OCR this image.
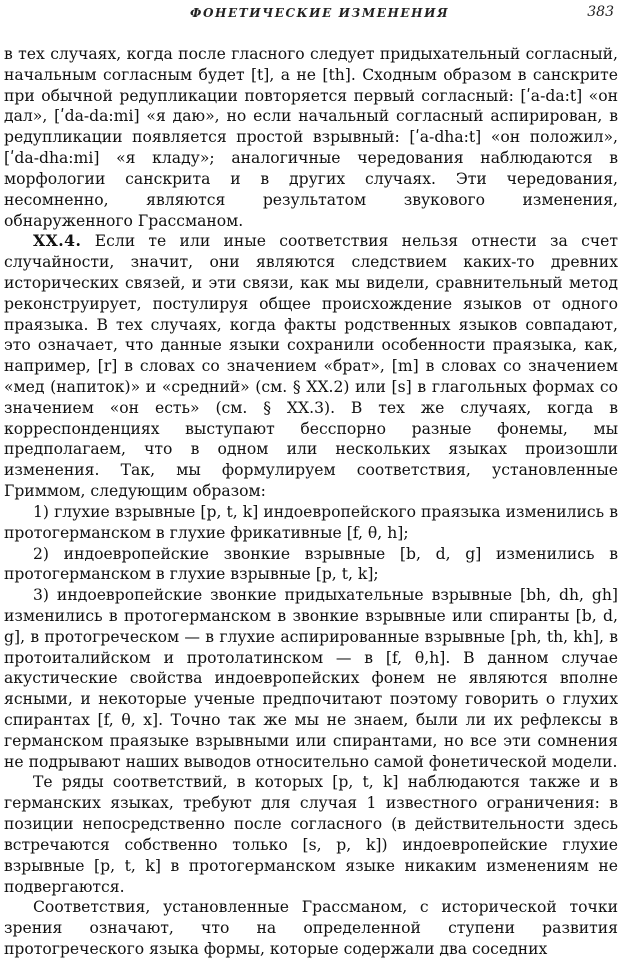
ФОНЕТИЧЕСКИЕ ИЗМЕНЕНИЯ	383

в тех случаях, когда после гласного следует придыхательный согласный, начальным согласным будет [t], а не [th]. Сходным образом в санскрите при обычной редупликации повторяется первый согласный: [ʹa-da:t] «он дал», [ʹda-da:mi] «я даю», но если начальный согласный аспирирован, в редупликации появляется простой взрывный: [ʹa-dha:t] «он положил», [ʹda-dha:mi] «я кладу»; аналогичные чередования наблюдаются в морфологии санскрита и в других случаях. Эти чередования, несомненно, являются результатом звукового изменения, обнаруженного Грассманом.

XX.4. Если те или иные соответствия нельзя отнести за счет случайности, значит, они являются следствием каких-то древних исторических связей, и эти связи, как мы видели, сравнительный метод реконструирует, постулируя общее происхождение языков от одного праязыка. В тех случаях, когда факты родственных языков совпадают, это означает, что данные языки сохранили особенности праязыка, как, например, [r] в словах со значением «брат», [m] в словах со значением «мед (напиток)» и «средний» (см. § XX.2) или [s] в глагольных формах со значением «он есть» (см. § XX.3). В тех же случаях, когда в корреспонденциях выступают бесспорно разные фонемы, мы предполагаем, что в одном или нескольких языках произошли изменения. Так, мы формулируем соответствия, установленные Гриммом, следующим образом:

1) глухие взрывные [p, t, k] индоевропейского праязыка изменились в протогерманском в глухие фрикативные [f, θ, h];

2) индоевропейские звонкие взрывные [b, d, g] изменились в протогерманском в глухие взрывные [p, t, k];

3) индоевропейские звонкие придыхательные взрывные [bh, dh, gh] изменились в протогерманском в звонкие взрывные или спиранты [b, d, g], в протогреческом — в глухие аспирированные взрывные [ph, th, kh], в протоиталийском и протолатинском — в [f, θ,h]. В данном случае акустические свойства индоевропейских фонем не являются вполне ясными, и некоторые ученые предпочитают поэтому говорить о глухих спирантах [f, θ, x]. Точно так же мы не знаем, были ли их рефлексы в германском праязыке взрывными или спирантами, но все эти сомнения не подрывают наших выводов относительно самой фонетической модели.

Те ряды соответствий, в которых [p, t, k] наблюдаются также и в германских языках, требуют для случая 1 известного ограничения: в позиции непосредственно после согласного (в действительности здесь встречаются собственно только [s, p, k]) индоевропейские глухие взрывные [p, t, k] в протогерманском языке никаким изменениям не подвергаются.

Соответствия, установленные Грассманом, с исторической точки зрения означают, что на определенной ступени развития протогреческого языка формы, которые содержали два соседних
